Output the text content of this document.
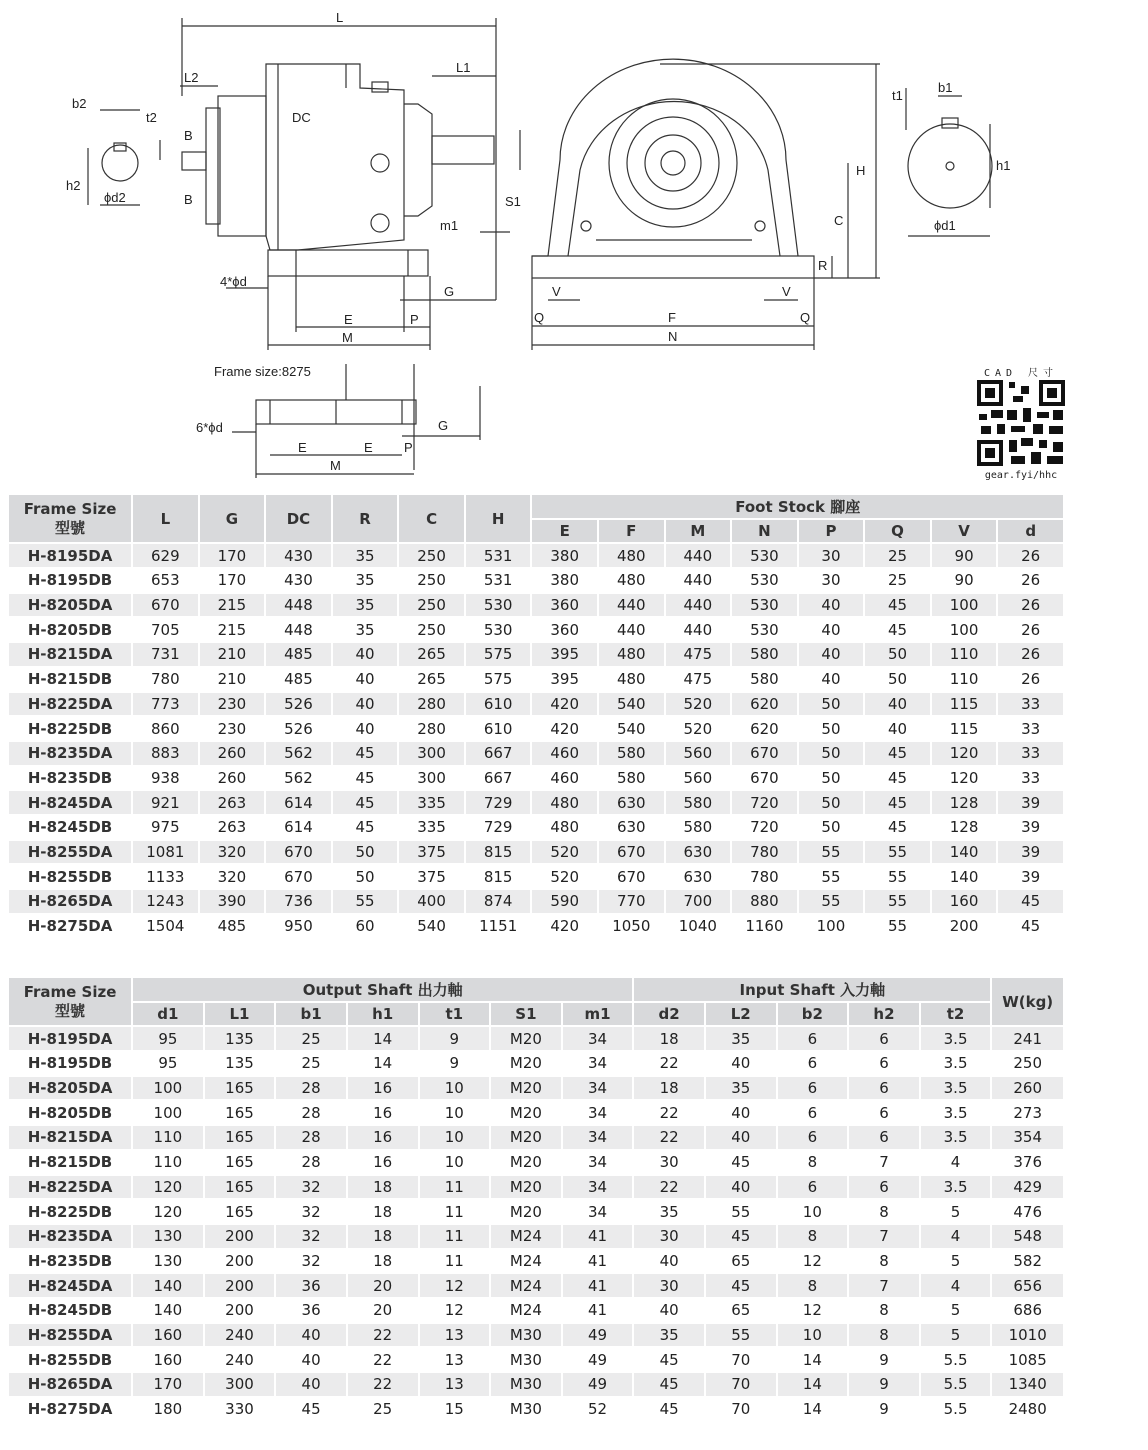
L
L1
L2
b2
t2
B
B
h2
ϕd2
DC
m1
S1
4*ϕd
G
E	P
M
H
C
R
V	V
Q	Q
F
N
t1
b1
h1
ϕd1
Frame size:8275
6*ϕd	G
E	E P
M
CAD 尺寸
gear.fyi/hhc
Frame Size
型號	L	G	DC	R	C	H	Foot Stock 腳座							
							E	F	M	N	P	Q	V	d
H-8195DA	629	170	430	35	250	531	380	480	440	530	30	25	90	26
H-8195DB	653	170	430	35	250	531	380	480	440	530	30	25	90	26
H-8205DA	670	215	448	35	250	530	360	440	440	530	40	45	100	26
H-8205DB	705	215	448	35	250	530	360	440	440	530	40	45	100	26
H-8215DA	731	210	485	40	265	575	395	480	475	580	40	50	110	26
H-8215DB	780	210	485	40	265	575	395	480	475	580	40	50	110	26
H-8225DA	773	230	526	40	280	610	420	540	520	620	50	40	115	33
H-8225DB	860	230	526	40	280	610	420	540	520	620	50	40	115	33
H-8235DA	883	260	562	45	300	667	460	580	560	670	50	45	120	33
H-8235DB	938	260	562	45	300	667	460	580	560	670	50	45	120	33
H-8245DA	921	263	614	45	335	729	480	630	580	720	50	45	128	39
H-8245DB	975	263	614	45	335	729	480	630	580	720	50	45	128	39
H-8255DA	1081	320	670	50	375	815	520	670	630	780	55	55	140	39
H-8255DB	1133	320	670	50	375	815	520	670	630	780	55	55	140	39
H-8265DA	1243	390	736	55	400	874	590	770	700	880	55	55	160	45
H-8275DA	1504	485	950	60	540	1151	420	1050	1040	1160	100	55	200	45
Frame Size
型號	Output Shaft 出力軸							Input Shaft 入力軸					W(kg)
	d1	L1	b1	h1	t1	S1	m1	d2	L2	b2	h2	t2	
H-8195DA	95	135	25	14	9	M20	34	18	35	6	6	3.5	241
H-8195DB	95	135	25	14	9	M20	34	22	40	6	6	3.5	250
H-8205DA	100	165	28	16	10	M20	34	18	35	6	6	3.5	260
H-8205DB	100	165	28	16	10	M20	34	22	40	6	6	3.5	273
H-8215DA	110	165	28	16	10	M20	34	22	40	6	6	3.5	354
H-8215DB	110	165	28	16	10	M20	34	30	45	8	7	4	376
H-8225DA	120	165	32	18	11	M20	34	22	40	6	6	3.5	429
H-8225DB	120	165	32	18	11	M20	34	35	55	10	8	5	476
H-8235DA	130	200	32	18	11	M24	41	30	45	8	7	4	548
H-8235DB	130	200	32	18	11	M24	41	40	65	12	8	5	582
H-8245DA	140	200	36	20	12	M24	41	30	45	8	7	4	656
H-8245DB	140	200	36	20	12	M24	41	40	65	12	8	5	686
H-8255DA	160	240	40	22	13	M30	49	35	55	10	8	5	1010
H-8255DB	160	240	40	22	13	M30	49	45	70	14	9	5.5	1085
H-8265DA	170	300	40	22	13	M30	49	45	70	14	9	5.5	1340
H-8275DA	180	330	45	25	15	M30	52	45	70	14	9	5.5	2480
